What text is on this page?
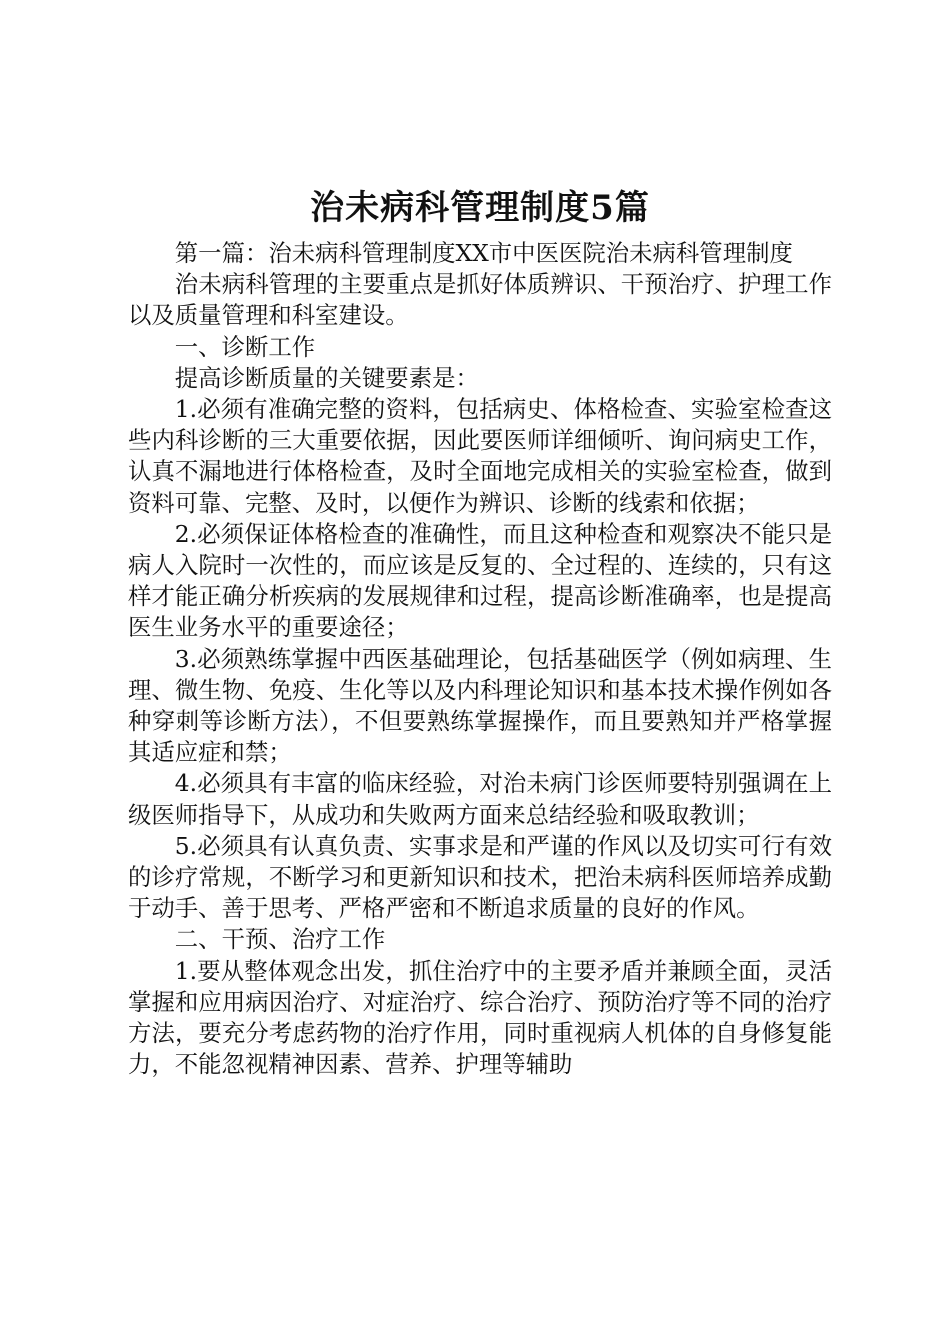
治未病科管理制度5篇

第一篇：治未病科管理制度XX市中医医院治未病科管理制度

治未病科管理的主要重点是抓好体质辨识、干预治疗、护理工作以及质量管理和科室建设。

一、诊断工作

提高诊断质量的关键要素是：

1.必须有准确完整的资料，包括病史、体格检查、实验室检查这些内科诊断的三大重要依据，因此要医师详细倾听、询问病史工作，认真不漏地进行体格检查，及时全面地完成相关的实验室检查，做到资料可靠、完整、及时，以便作为辨识、诊断的线索和依据；

2.必须保证体格检查的准确性，而且这种检查和观察决不能只是病人入院时一次性的，而应该是反复的、全过程的、连续的，只有这样才能正确分析疾病的发展规律和过程，提高诊断准确率，也是提高医生业务水平的重要途径；

3.必须熟练掌握中西医基础理论，包括基础医学（例如病理、生理、微生物、免疫、生化等以及内科理论知识和基本技术操作例如各种穿刺等诊断方法），不但要熟练掌握操作，而且要熟知并严格掌握其适应症和禁；

4.必须具有丰富的临床经验，对治未病门诊医师要特别强调在上级医师指导下，从成功和失败两方面来总结经验和吸取教训；

5.必须具有认真负责、实事求是和严谨的作风以及切实可行有效的诊疗常规，不断学习和更新知识和技术，把治未病科医师培养成勤于动手、善于思考、严格严密和不断追求质量的良好的作风。

二、干预、治疗工作

1.要从整体观念出发，抓住治疗中的主要矛盾并兼顾全面，灵活掌握和应用病因治疗、对症治疗、综合治疗、预防治疗等不同的治疗方法，要充分考虑药物的治疗作用，同时重视病人机体的自身修复能力，不能忽视精神因素、营养、护理等辅助
